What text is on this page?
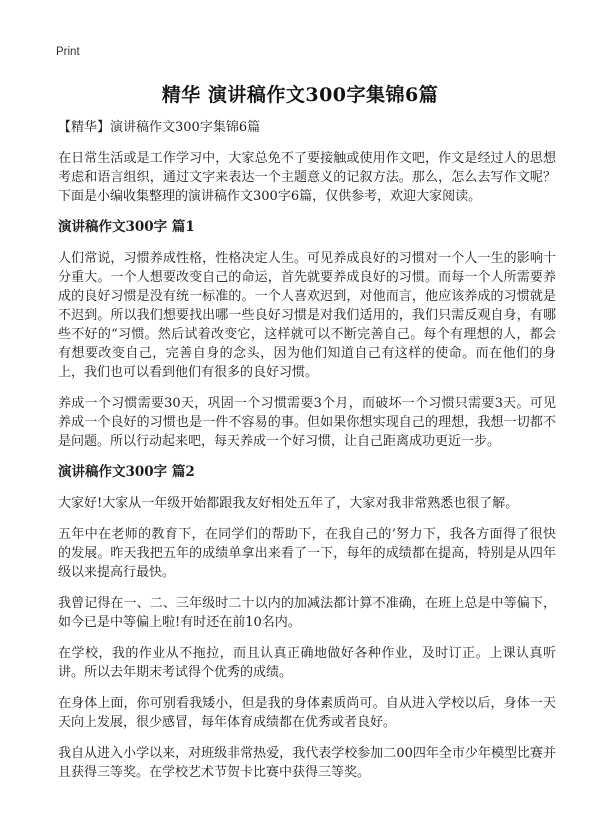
Print
精华 演讲稿作文300字集锦6篇

【精华】演讲稿作文300字集锦6篇

在日常生活或是工作学习中，大家总免不了要接触或使用作文吧，作文是经过人的思想考虑和语言组织，通过文字来表达一个主题意义的记叙方法。那么，怎么去写作文呢？下面是小编收集整理的演讲稿作文300字6篇，仅供参考，欢迎大家阅读。

演讲稿作文300字 篇1

人们常说，习惯养成性格，性格决定人生。可见养成良好的习惯对一个人一生的影响十分重大。一个人想要改变自己的命运，首先就要养成良好的习惯。而每一个人所需要养成的良好习惯是没有统一标准的。一个人喜欢迟到，对他而言，他应该养成的习惯就是不迟到。所以我们想要找出哪一些良好习惯是对我们适用的，我们只需反观自身，有哪些不好的“习惯。然后试着改变它，这样就可以不断完善自己。每个有理想的人，都会有想要改变自己，完善自身的念头，因为他们知道自己有这样的使命。而在他们的身上，我们也可以看到他们有很多的良好习惯。

养成一个习惯需要30天，巩固一个习惯需要3个月，而破坏一个习惯只需要3天。可见养成一个良好的习惯也是一件不容易的事。但如果你想实现自己的理想，我想一切都不是问题。所以行动起来吧，每天养成一个好习惯，让自己距离成功更近一步。

演讲稿作文300字 篇2

大家好!大家从一年级开始都跟我友好相处五年了，大家对我非常熟悉也很了解。

五年中在老师的教育下，在同学们的帮助下，在我自己的’努力下，我各方面得了很快的发展。昨天我把五年的成绩单拿出来看了一下，每年的成绩都在提高，特别是从四年级以来提高行最快。

我曾记得在一、二、三年级时二十以内的加减法都计算不准确，在班上总是中等偏下，如今已是中等偏上啦!有时还在前10名内。

在学校，我的作业从不拖拉，而且认真正确地做好各种作业，及时订正。上课认真听讲。所以去年期末考试得个优秀的成绩。

在身体上面，你可别看我矮小，但是我的身体素质尚可。自从进入学校以后，身体一天天向上发展，很少感冒，每年体育成绩都在优秀或者良好。

我自从进入小学以来，对班级非常热爱，我代表学校参加二00四年全市少年模型比赛并且获得三等奖。在学校艺术节贺卡比赛中获得三等奖。
